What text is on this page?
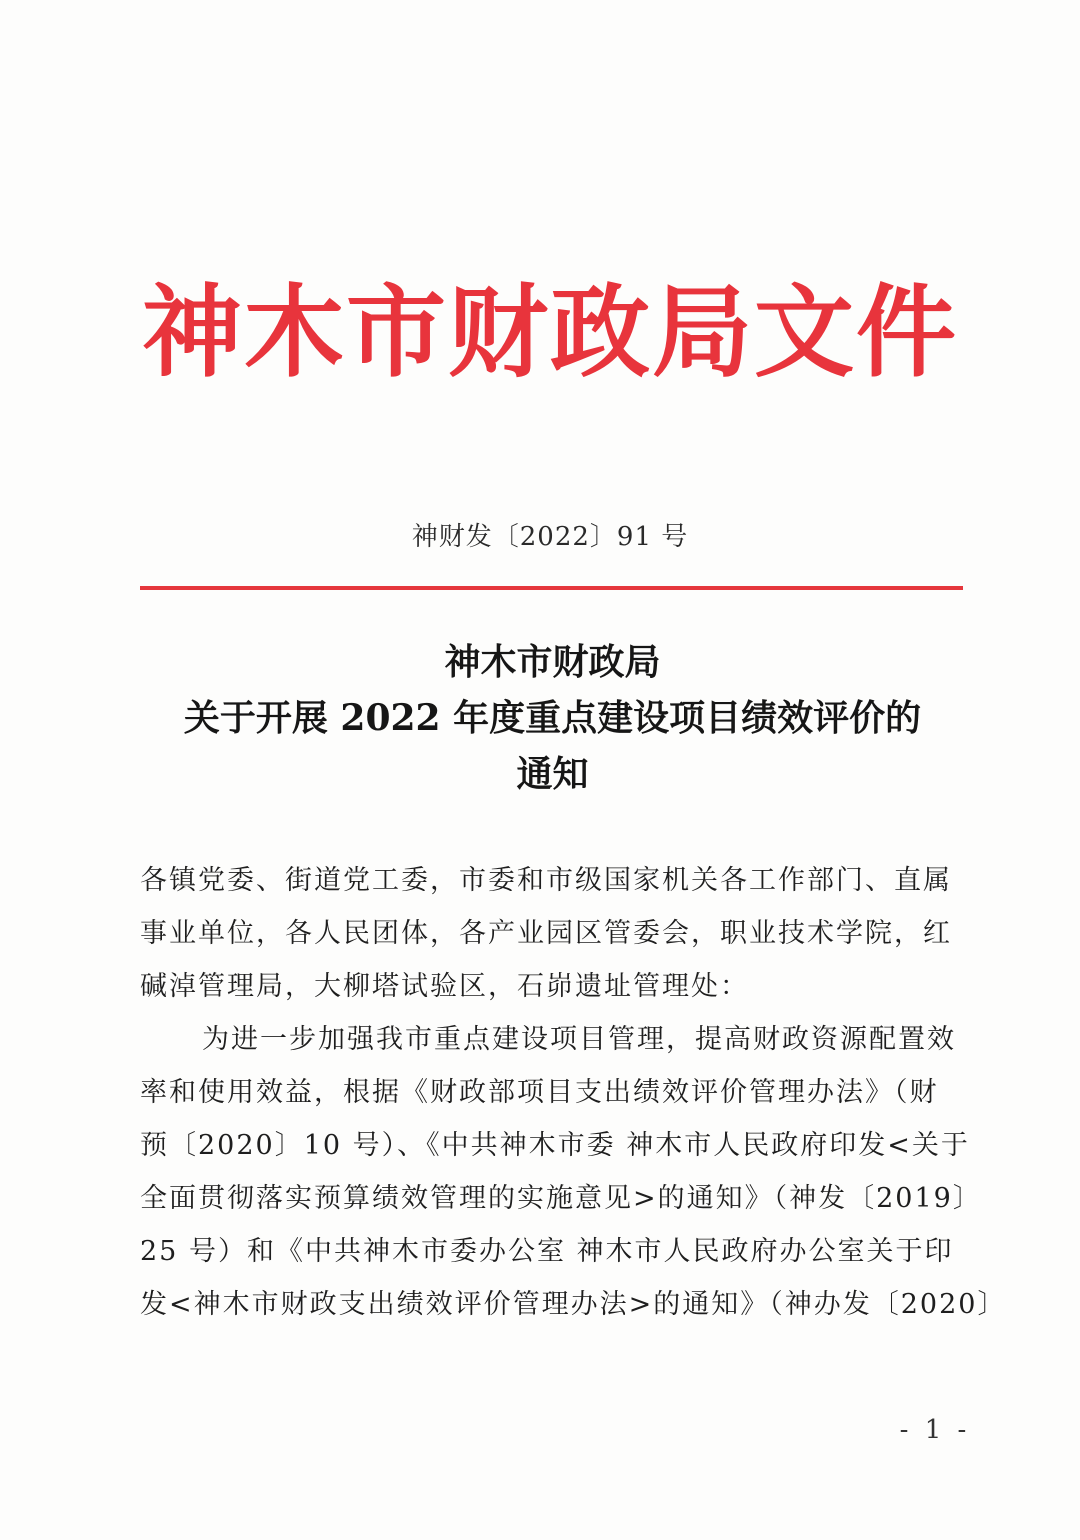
神木市财政局文件
神财发〔2022〕91 号
神木市财政局
关于开展 2022 年度重点建设项目绩效评价的
通知
各镇党委、街道党工委，市委和市级国家机关各工作部门、直属
事业单位，各人民团体，各产业园区管委会，职业技术学院，红
碱淖管理局，大柳塔试验区，石峁遗址管理处：
为进一步加强我市重点建设项目管理，提高财政资源配置效
率和使用效益，根据《财政部项目支出绩效评价管理办法》（财
预〔2020〕10 号）、《中共神木市委 神木市人民政府印发<关于
全面贯彻落实预算绩效管理的实施意见>的通知》（神发〔2019〕
25 号）和《中共神木市委办公室 神木市人民政府办公室关于印
发<神木市财政支出绩效评价管理办法>的通知》（神办发〔2020〕
- 1 -
